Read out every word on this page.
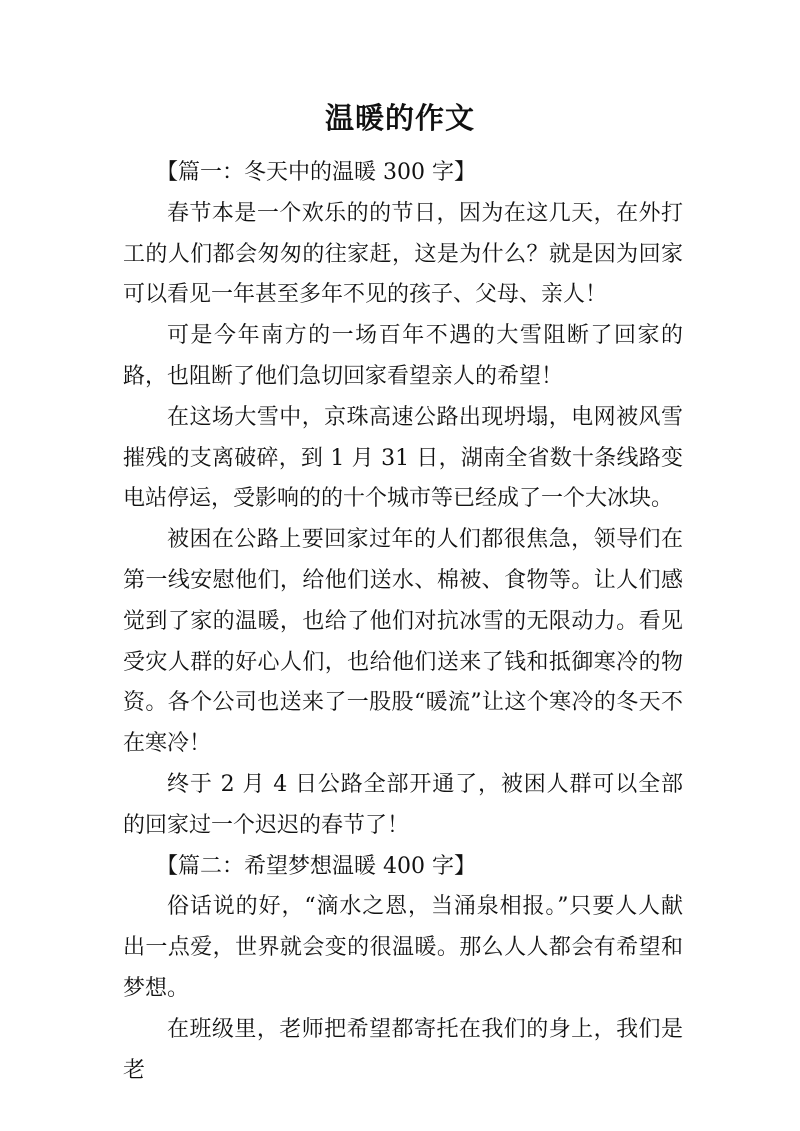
温暖的作文

【篇一：冬天中的温暖 300 字】

春节本是一个欢乐的的节日，因为在这几天，在外打工的人们都会匆匆的往家赶，这是为什么？就是因为回家可以看见一年甚至多年不见的孩子、父母、亲人！

可是今年南方的一场百年不遇的大雪阻断了回家的路，也阻断了他们急切回家看望亲人的希望！

在这场大雪中，京珠高速公路出现坍塌，电网被风雪摧残的支离破碎，到 1 月 31 日，湖南全省数十条线路变电站停运，受影响的的十个城市等已经成了一个大冰块。

被困在公路上要回家过年的人们都很焦急，领导们在第一线安慰他们，给他们送水、棉被、食物等。让人们感觉到了家的温暖，也给了他们对抗冰雪的无限动力。看见受灾人群的好心人们，也给他们送来了钱和抵御寒冷的物资。各个公司也送来了一股股“暖流”让这个寒冷的冬天不在寒冷！

终于 2 月 4 日公路全部开通了，被困人群可以全部的回家过一个迟迟的春节了！

【篇二：希望梦想温暖 400 字】

俗话说的好，“滴水之恩，当涌泉相报。”只要人人献出一点爱，世界就会变的很温暖。那么人人都会有希望和梦想。

在班级里，老师把希望都寄托在我们的身上，我们是老
